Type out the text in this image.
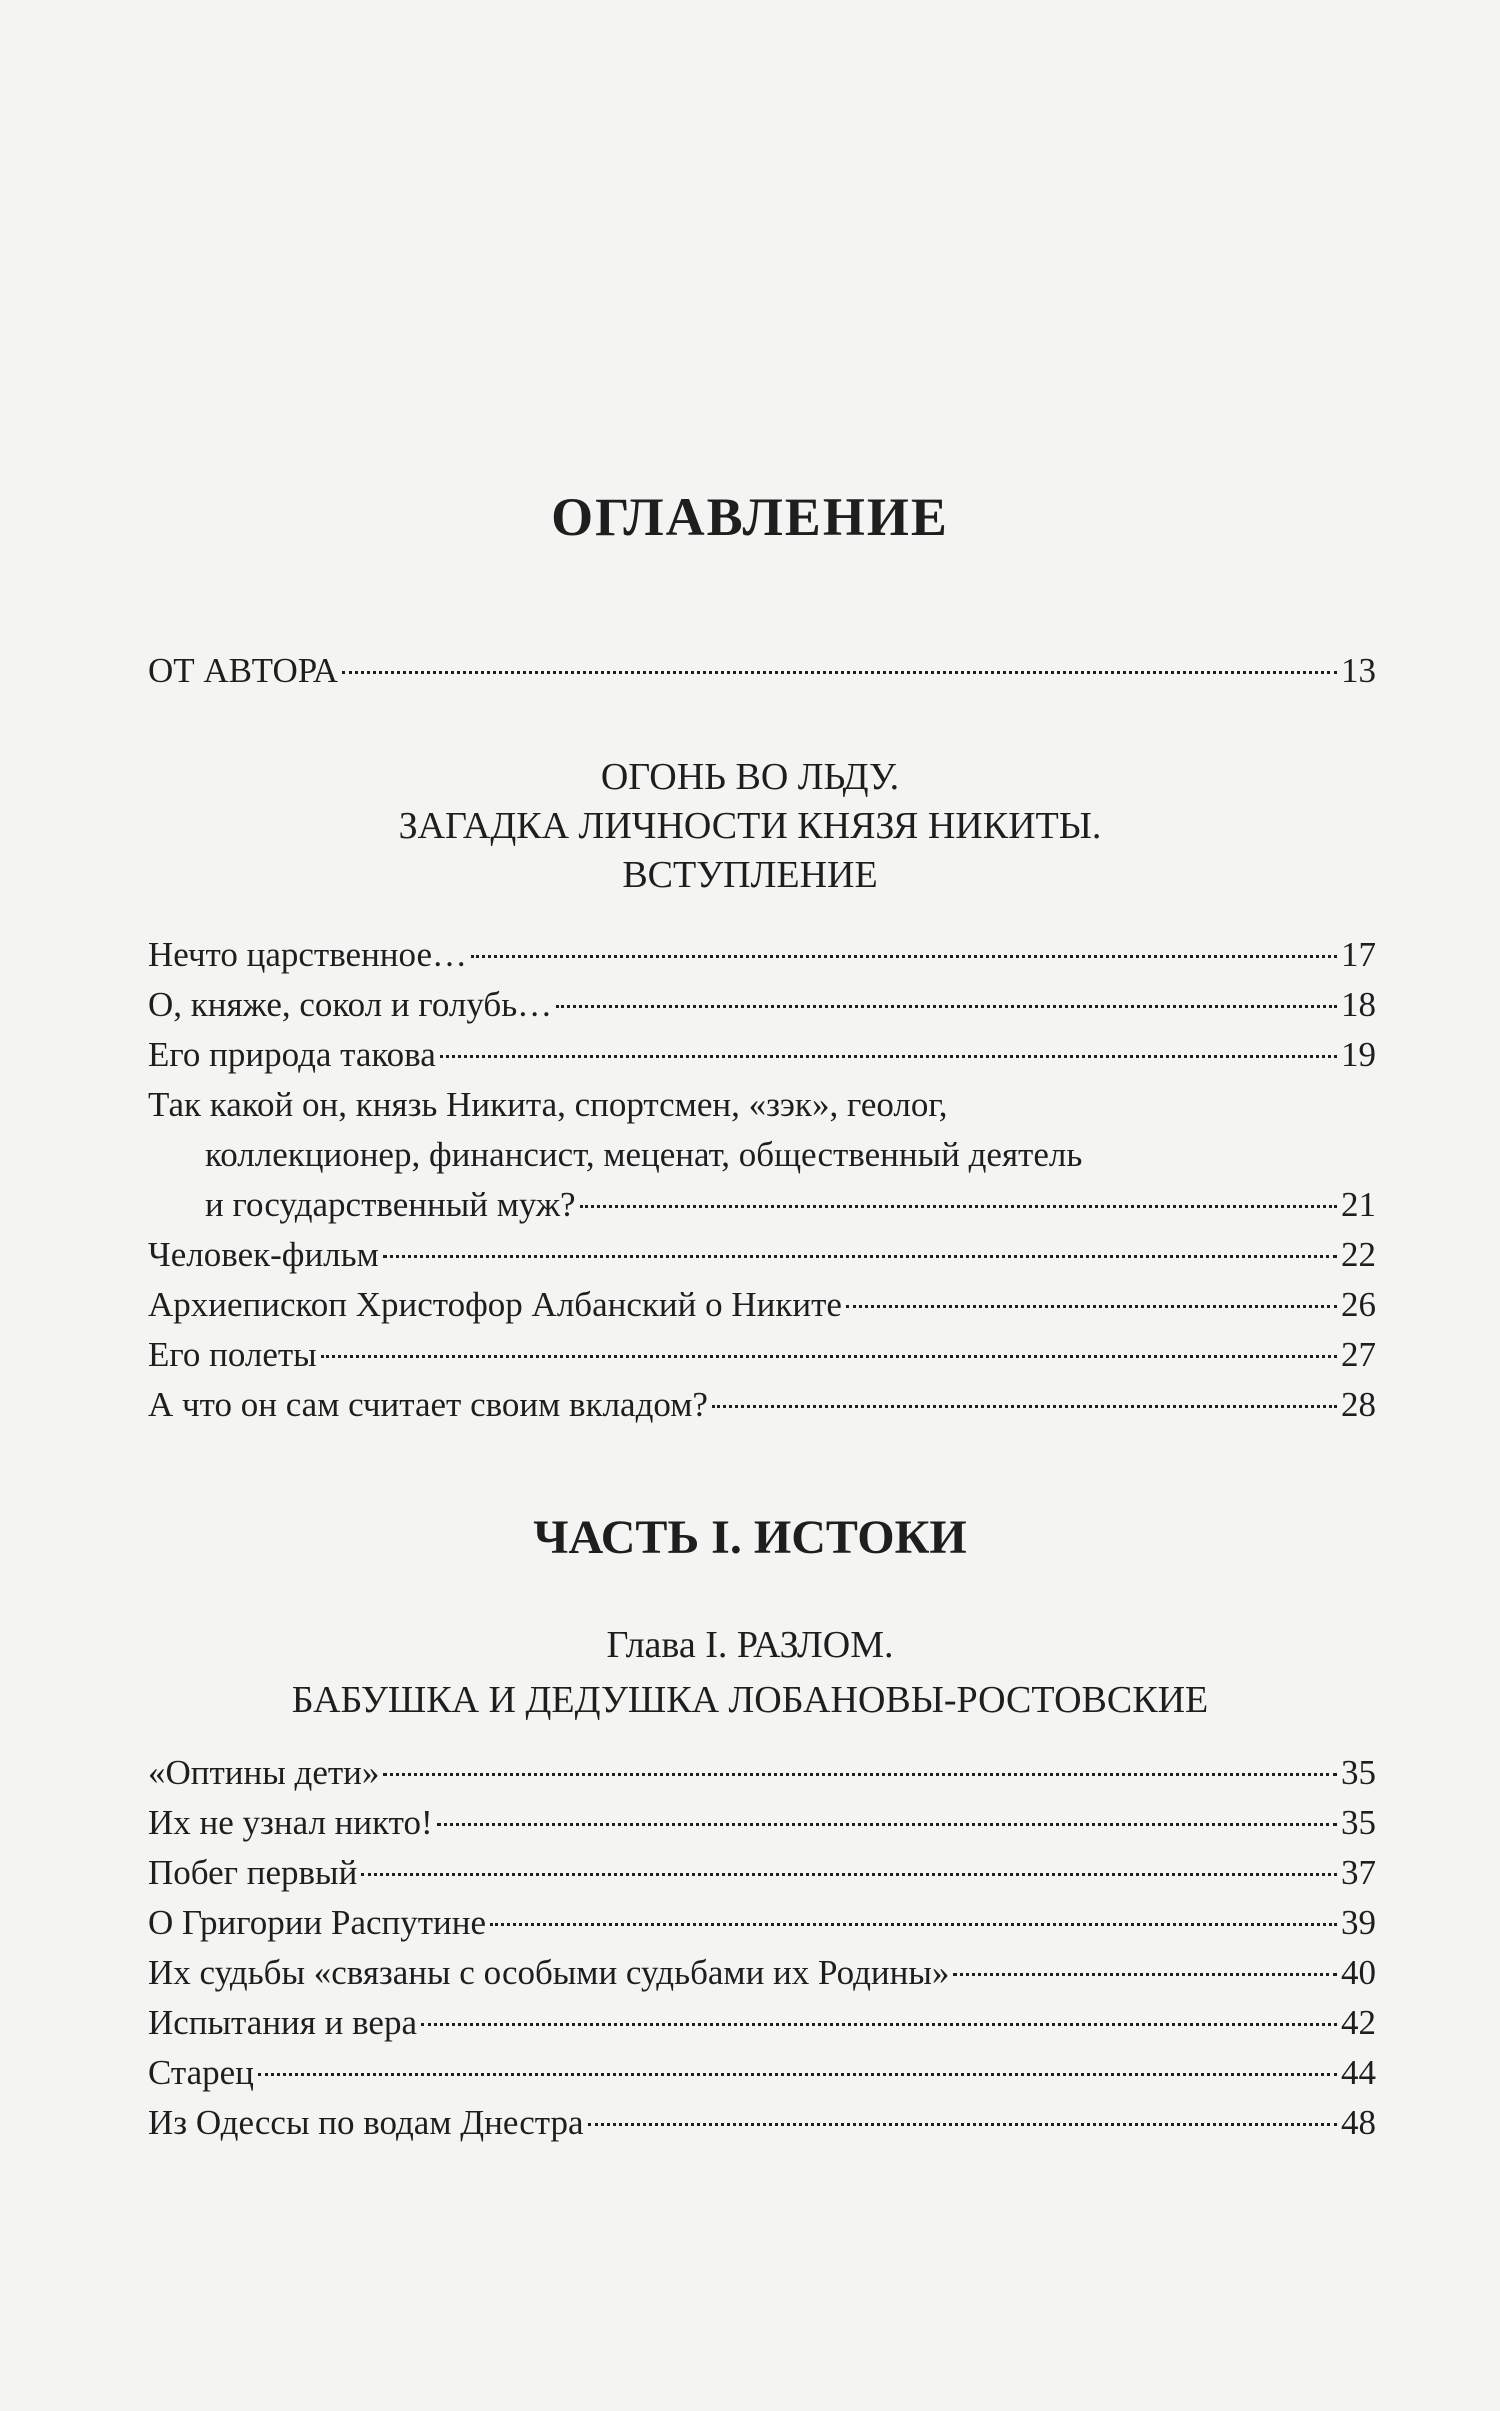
ОГЛАВЛЕНИЕ
ОТ АВТОРА	13
ОГОНЬ ВО ЛЬДУ.
ЗАГАДКА ЛИЧНОСТИ КНЯЗЯ НИКИТЫ.
ВСТУПЛЕНИЕ
Нечто царственное…	17
О, княже, сокол и голубь…	18
Его природа такова	19
Так какой он, князь Никита, спортсмен, «зэк», геолог,
коллекционер, финансист, меценат, общественный деятель
и государственный муж?	21
Человек-фильм	22
Архиепископ Христофор Албанский о Никите	26
Его полеты	27
А что он сам считает своим вкладом?	28
ЧАСТЬ I. ИСТОКИ
Глава I. РАЗЛОМ.
БАБУШКА И ДЕДУШКА ЛОБАНОВЫ-РОСТОВСКИЕ
«Оптины дети»	35
Их не узнал никто!	35
Побег первый	37
О Григории Распутине	39
Их судьбы «связаны с особыми судьбами их Родины»	40
Испытания и вера	42
Старец	44
Из Одессы по водам Днестра	48
